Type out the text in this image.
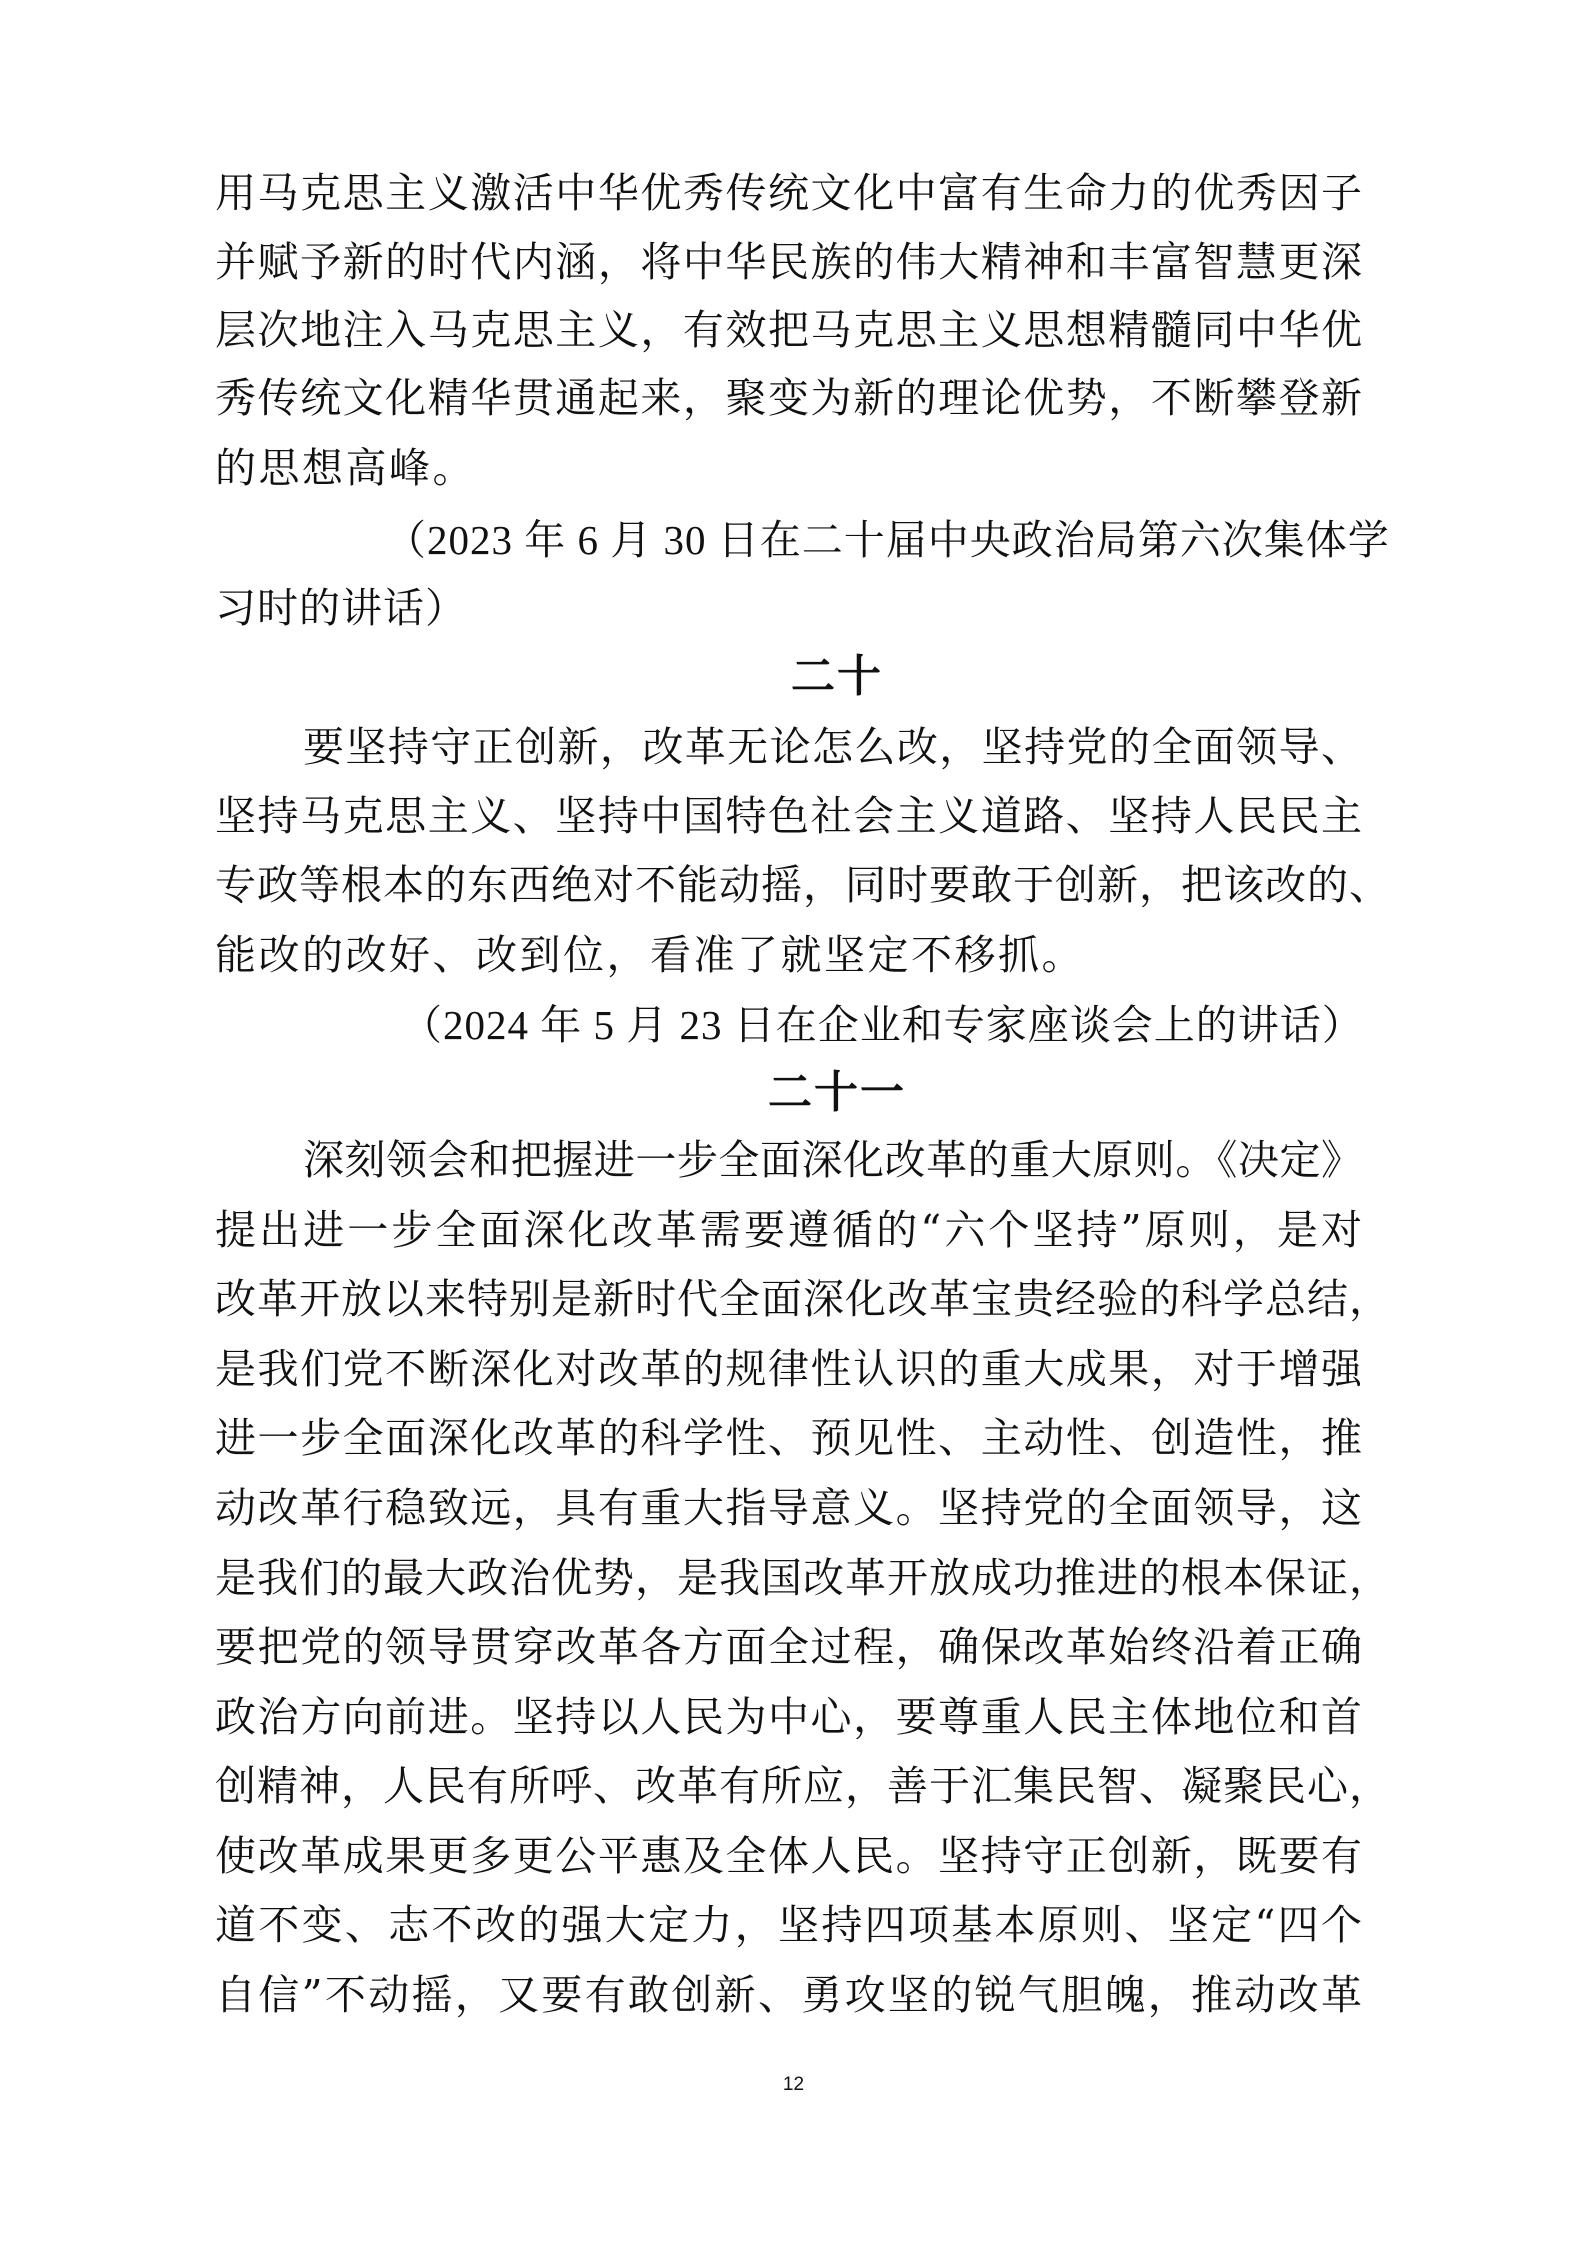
用马克思主义激活中华优秀传统文化中富有生命力的优秀因子
并赋予新的时代内涵，将中华民族的伟大精神和丰富智慧更深
层次地注入马克思主义，有效把马克思主义思想精髓同中华优
秀传统文化精华贯通起来，聚变为新的理论优势，不断攀登新
的思想高峰。
（2023 年 6 月 30 日在二十届中央政治局第六次集体学
习时的讲话）
二十
要坚持守正创新，改革无论怎么改，坚持党的全面领导、
坚持马克思主义、坚持中国特色社会主义道路、坚持人民民主
专政等根本的东西绝对不能动摇，同时要敢于创新，把该改的、
能改的改好、改到位，看准了就坚定不移抓。
（2024 年 5 月 23 日在企业和专家座谈会上的讲话）
二十一
深刻领会和把握进一步全面深化改革的重大原则。《决定》
提出进一步全面深化改革需要遵循的“六个坚持”原则，是对
改革开放以来特别是新时代全面深化改革宝贵经验的科学总结，
是我们党不断深化对改革的规律性认识的重大成果，对于增强
进一步全面深化改革的科学性、预见性、主动性、创造性，推
动改革行稳致远，具有重大指导意义。坚持党的全面领导，这
是我们的最大政治优势，是我国改革开放成功推进的根本保证，
要把党的领导贯穿改革各方面全过程，确保改革始终沿着正确
政治方向前进。坚持以人民为中心，要尊重人民主体地位和首
创精神，人民有所呼、改革有所应，善于汇集民智、凝聚民心，
使改革成果更多更公平惠及全体人民。坚持守正创新，既要有
道不变、志不改的强大定力，坚持四项基本原则、坚定“四个
自信”不动摇，又要有敢创新、勇攻坚的锐气胆魄，推动改革
12
